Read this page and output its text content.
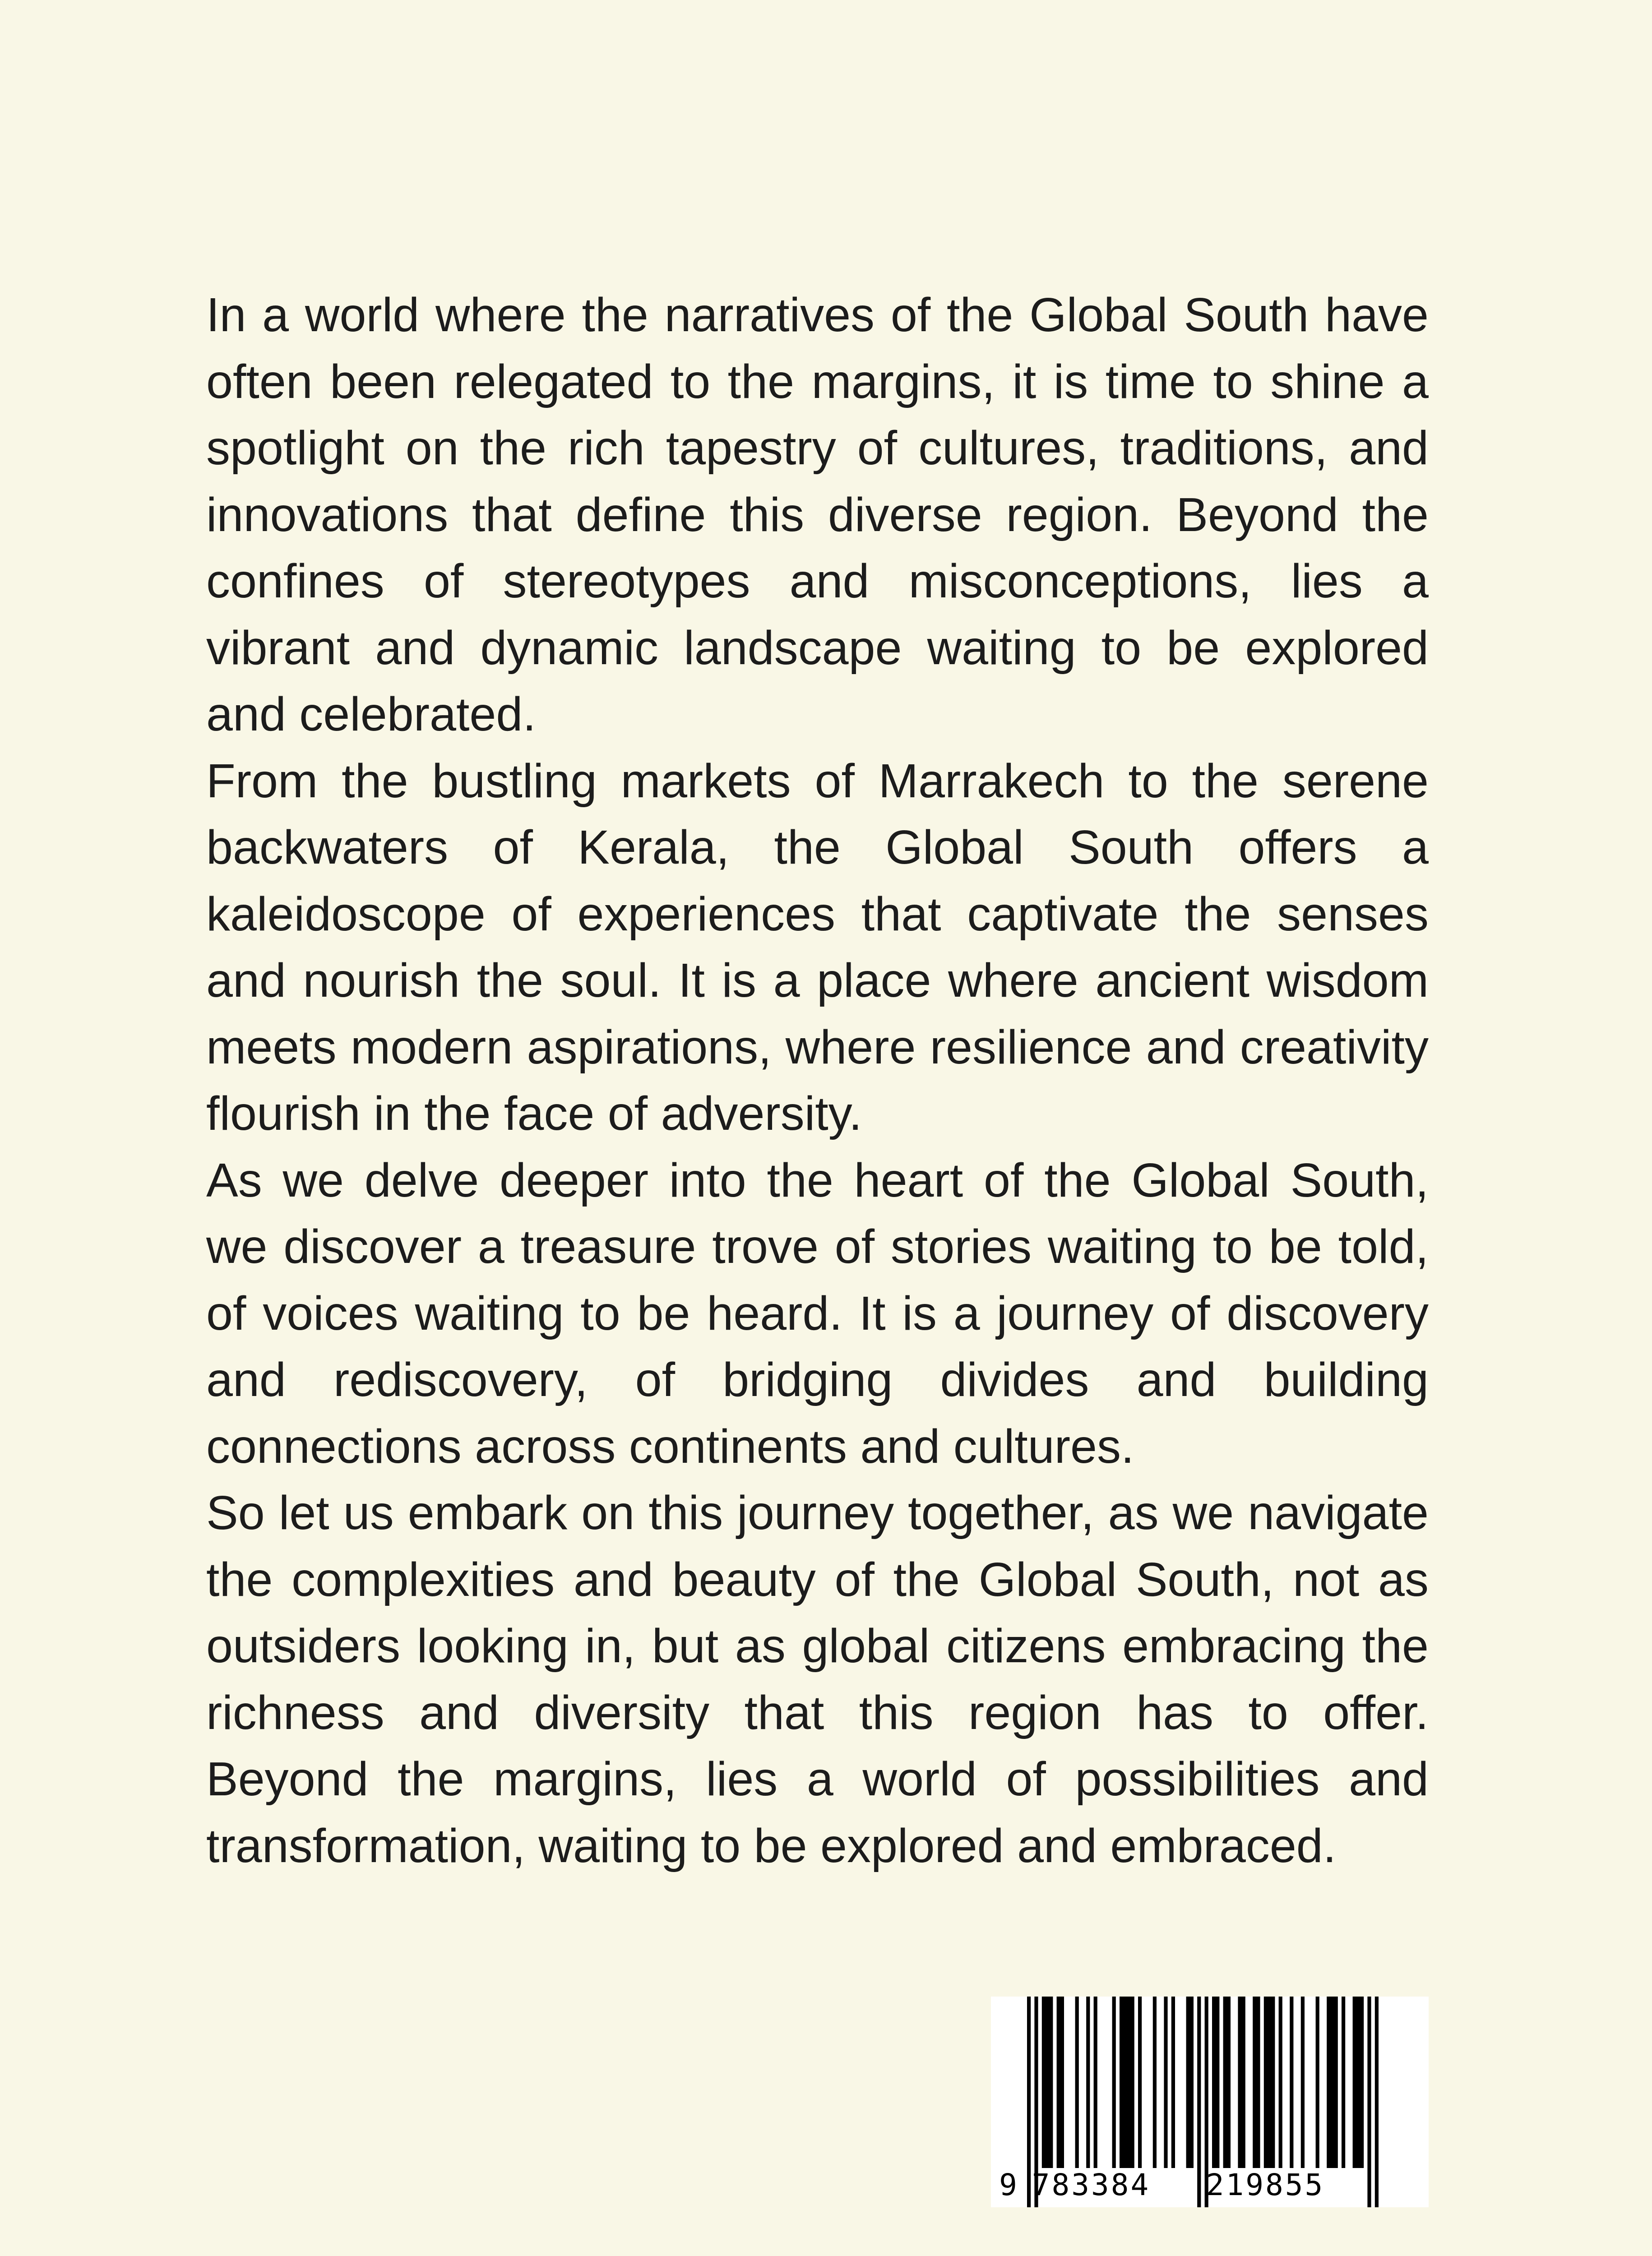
In a world where the narratives of the Global South have often been relegated to the margins, it is time to shine a spotlight on the rich tapestry of cultures, traditions, and innovations that define this diverse region. Beyond the confines of stereotypes and misconceptions, lies a vibrant and dynamic landscape waiting to be explored and celebrated.

From the bustling markets of Marrakech to the serene backwaters of Kerala, the Global South offers a kaleidoscope of experiences that captivate the senses and nourish the soul. It is a place where ancient wisdom meets modern aspirations, where resilience and creativity flourish in the face of adversity.

As we delve deeper into the heart of the Global South, we discover a treasure trove of stories waiting to be told, of voices waiting to be heard. It is a journey of discovery and rediscovery, of bridging divides and building connections across continents and cultures.

So let us embark on this journey together, as we navigate the complexities and beauty of the Global South, not as outsiders looking in, but as global citizens embracing the richness and diversity that this region has to offer. Beyond the margins, lies a world of possibilities and transformation, waiting to be explored and embraced.

9 783384 219855
